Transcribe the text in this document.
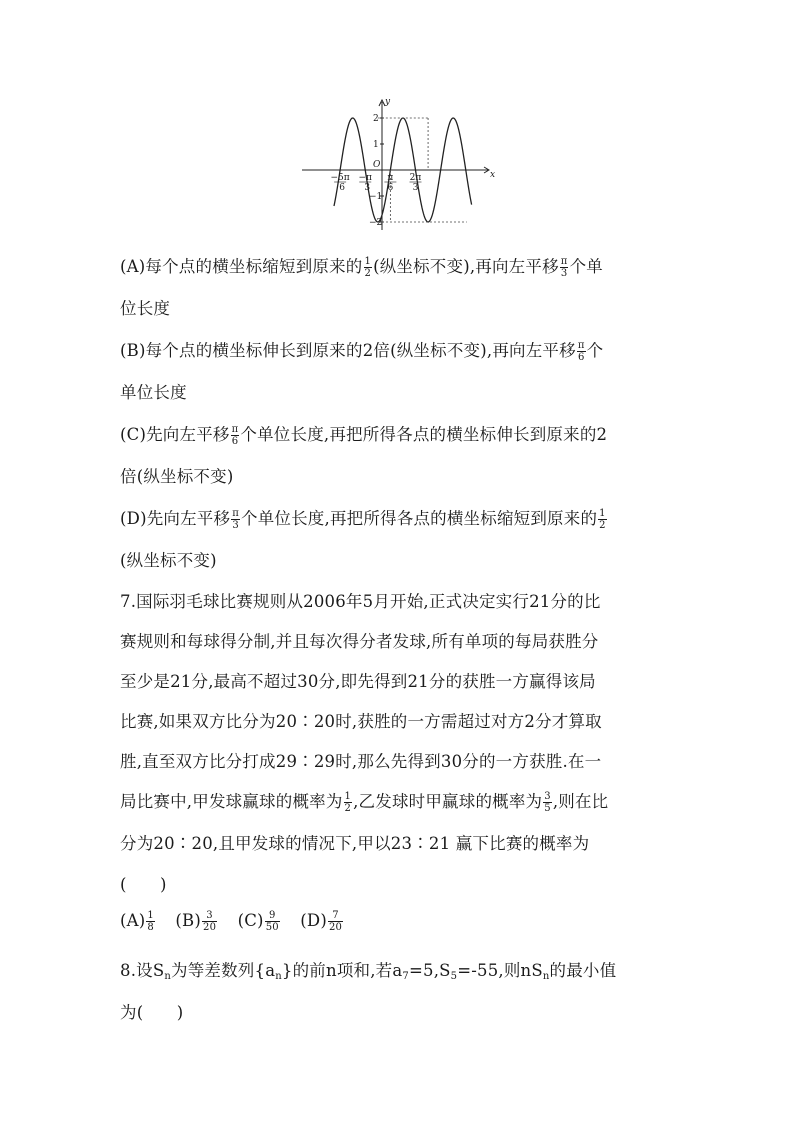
x
y
O
2
1
−1
−2
−5π
6
−π
3
π
6
2π
3
(A)每个点的横坐标缩短到原来的 $\frac{1}{2}$ (纵坐标不变),再向左平移 $\frac{\pi}{3}$ 个单
位长度
(B)每个点的横坐标伸长到原来的2倍(纵坐标不变),再向左平移 $\frac{\pi}{6}$ 个
单位长度
(C)先向左平移 $\frac{\pi}{6}$ 个单位长度,再把所得各点的横坐标伸长到原来的2
倍(纵坐标不变)
(D)先向左平移 $\frac{\pi}{3}$ 个单位长度,再把所得各点的横坐标缩短到原来的 $\frac{1}{2}$
(纵坐标不变)
7.国际羽毛球比赛规则从2006年5月开始,正式决定实行21分的比
赛规则和每球得分制,并且每次得分者发球,所有单项的每局获胜分
至少是21分,最高不超过30分,即先得到21分的获胜一方赢得该局
比赛,如果双方比分为20∶20时,获胜的一方需超过对方2分才算取
胜,直至双方比分打成29∶29时,那么先得到30分的一方获胜.在一
局比赛中,甲发球赢球的概率为 $\frac{1}{2}$ ,乙发球时甲赢球的概率为 $\frac{3}{5}$ ,则在比
分为20∶20,且甲发球的情况下,甲以23∶21 赢下比赛的概率为
(　　)
$(A) \frac{1}{8} (B) \frac{3}{20} (C) \frac{9}{50} (D) \frac{7}{20}$
8.设$S_n$为等差数列$\{a_n\}$的前n项和,若$a_7=5,S_5=-55$,则$nS_n$的最小值
为(　　)
